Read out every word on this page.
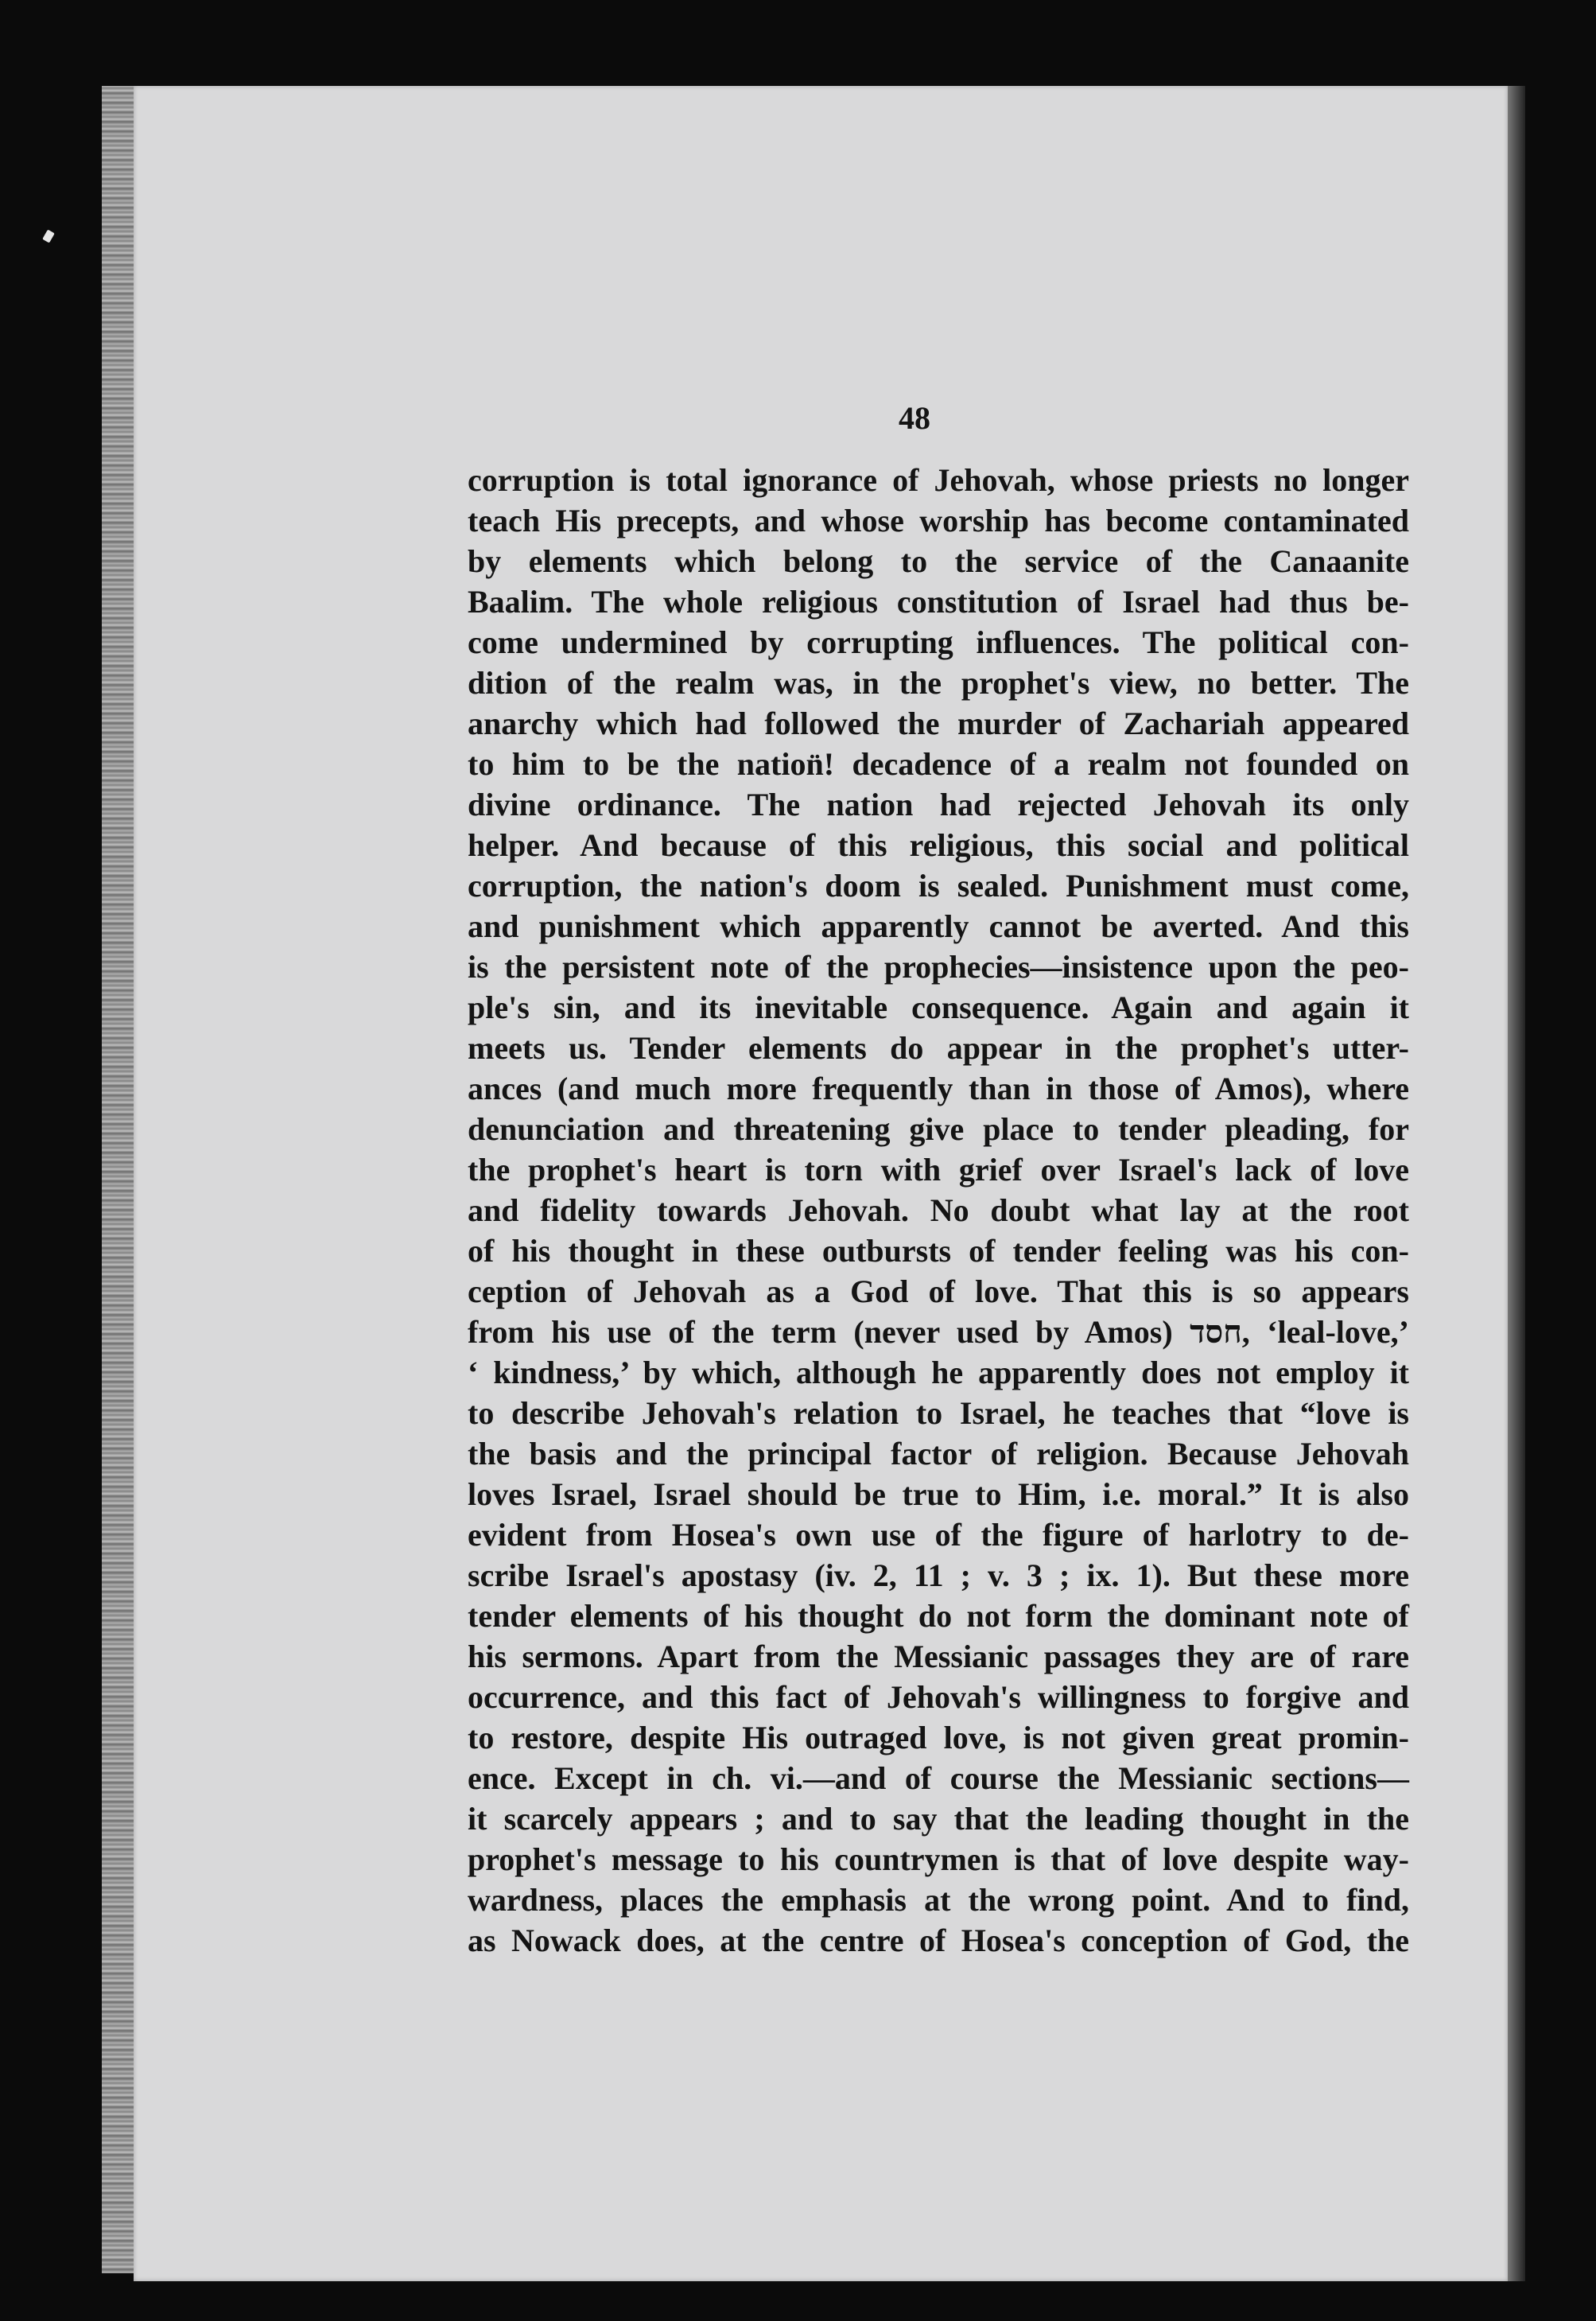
48
corruption is total ignorance of Jehovah, whose priests no longer
teach His precepts, and whose worship has become contaminated
by elements which belong to the service of the Canaanite
Baalim. The whole religious constitution of Israel had thus be-
come undermined by corrupting influences. The political con-
dition of the realm was, in the prophet's view, no better. The
anarchy which had followed the murder of Zachariah appeared
to him to be the nation̈! decadence of a realm not founded on
divine ordinance. The nation had rejected Jehovah its only
helper. And because of this religious, this social and political
corruption, the nation's doom is sealed. Punishment must come,
and punishment which apparently cannot be averted. And this
is the persistent note of the prophecies—insistence upon the peo-
ple's sin, and its inevitable consequence. Again and again it
meets us. Tender elements do appear in the prophet's utter-
ances (and much more frequently than in those of Amos), where
denunciation and threatening give place to tender pleading, for
the prophet's heart is torn with grief over Israel's lack of love
and fidelity towards Jehovah. No doubt what lay at the root
of his thought in these outbursts of tender feeling was his con-
ception of Jehovah as a God of love. That this is so appears
from his use of the term (never used by Amos) חסד, ‘leal-love,’
‘ kindness,’ by which, although he apparently does not employ it
to describe Jehovah's relation to Israel, he teaches that “love is
the basis and the principal factor of religion. Because Jehovah
loves Israel, Israel should be true to Him, i.e. moral.” It is also
evident from Hosea's own use of the figure of harlotry to de-
scribe Israel's apostasy (iv. 2, 11 ; v. 3 ; ix. 1). But these more
tender elements of his thought do not form the dominant note of
his sermons. Apart from the Messianic passages they are of rare
occurrence, and this fact of Jehovah's willingness to forgive and
to restore, despite His outraged love, is not given great promin-
ence. Except in ch. vi.—and of course the Messianic sections—
it scarcely appears ; and to say that the leading thought in the
prophet's message to his countrymen is that of love despite way-
wardness, places the emphasis at the wrong point. And to find,
as Nowack does, at the centre of Hosea's conception of God, the
